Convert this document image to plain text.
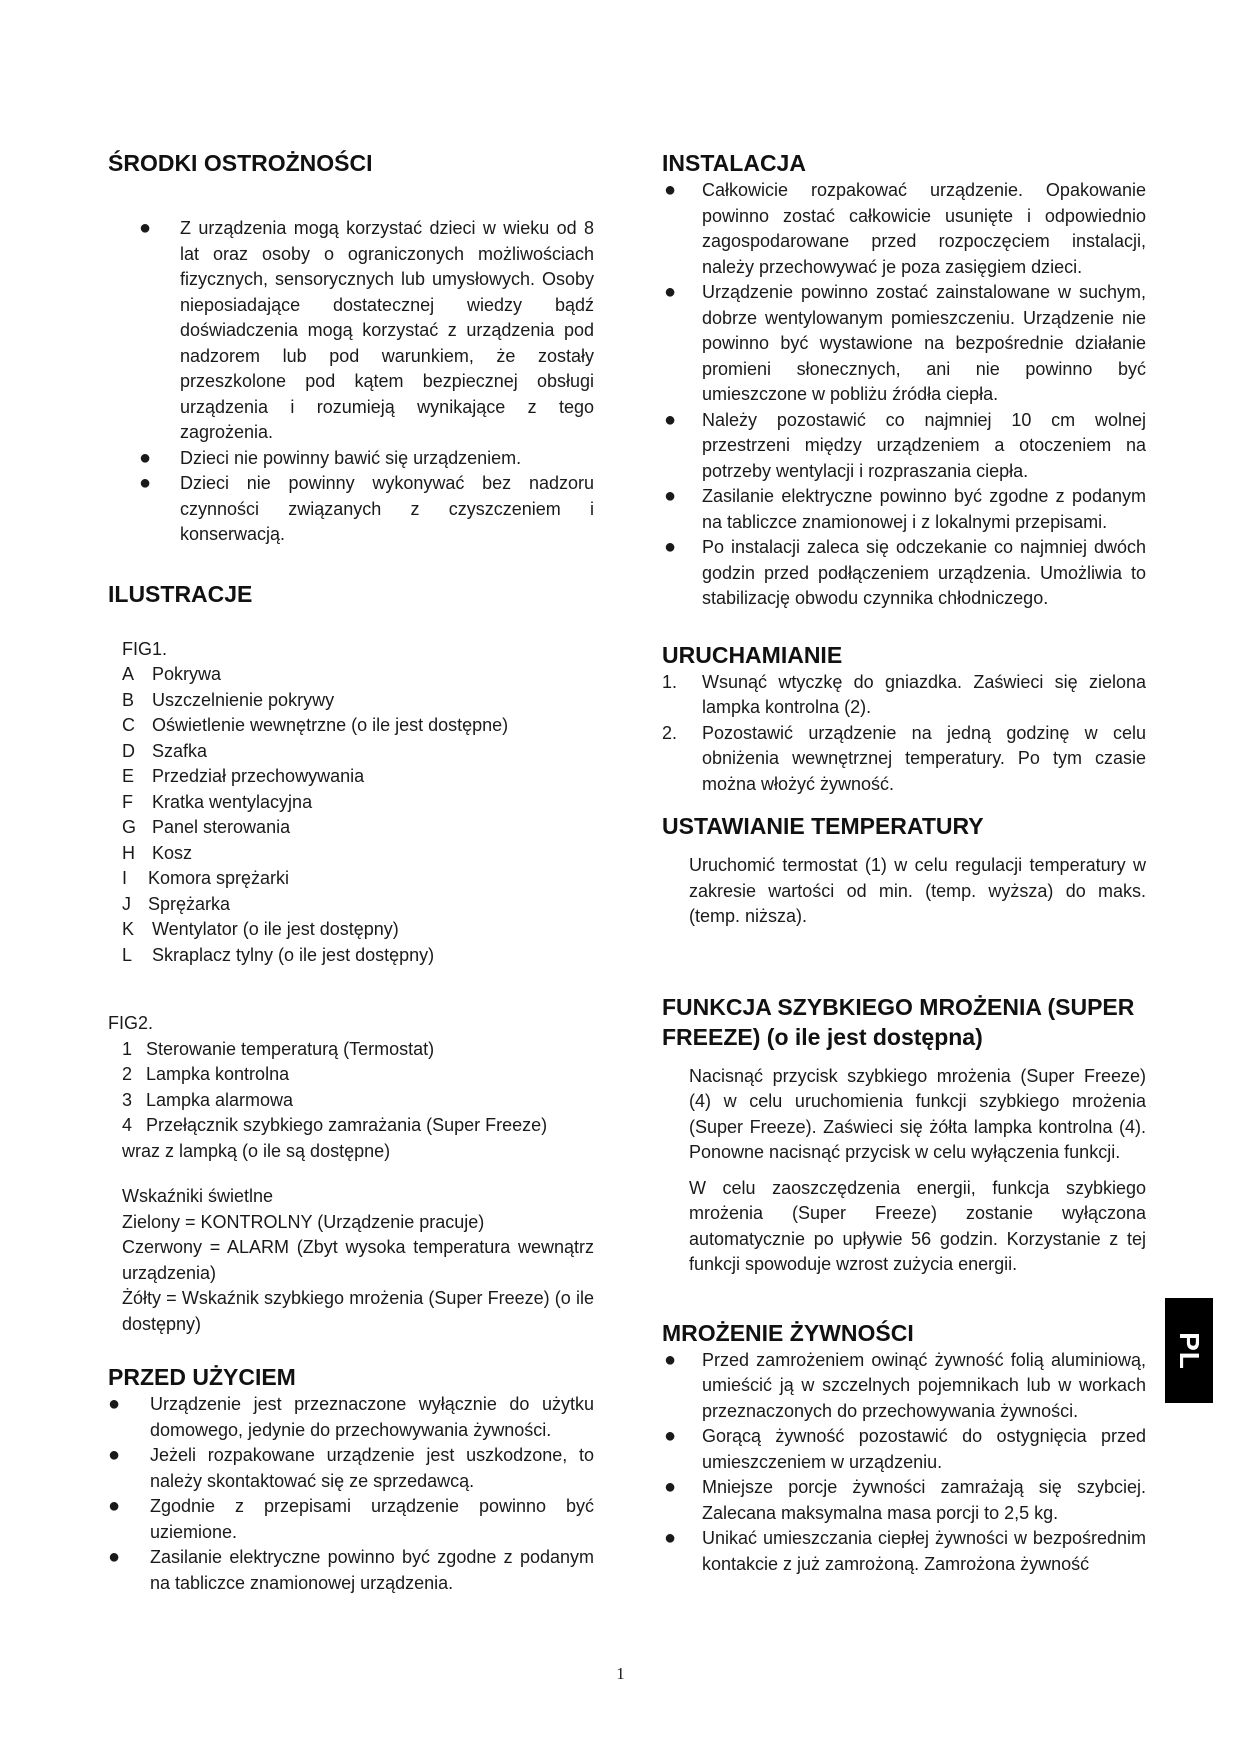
ŚRODKI OSTROŻNOŚCI
● Z urządzenia mogą korzystać dzieci w wieku od 8 lat oraz osoby o ograniczonych możliwościach fizycznych, sensorycznych lub umysłowych. Osoby nieposiadające dostatecznej wiedzy bądź doświadczenia mogą korzystać z urządzenia pod nadzorem lub pod warunkiem, że zostały przeszkolone pod kątem bezpiecznej obsługi urządzenia i rozumieją wynikające z tego zagrożenia.
● Dzieci nie powinny bawić się urządzeniem.
● Dzieci nie powinny wykonywać bez nadzoru czynności związanych z czyszczeniem i konserwacją.
ILUSTRACJE
FIG1.
A Pokrywa
B Uszczelnienie pokrywy
C Oświetlenie wewnętrzne (o ile jest dostępne)
D Szafka
E Przedział przechowywania
F Kratka wentylacyjna
G Panel sterowania
H Kosz
I Komora sprężarki
J Sprężarka
K Wentylator (o ile jest dostępny)
L Skraplacz tylny (o ile jest dostępny)
FIG2.
1 Sterowanie temperaturą (Termostat)
2 Lampka kontrolna
3 Lampka alarmowa
4 Przełącznik szybkiego zamrażania (Super Freeze)
wraz z lampką (o ile są dostępne)
Wskaźniki świetlne
Zielony = KONTROLNY (Urządzenie pracuje)
Czerwony = ALARM (Zbyt wysoka temperatura wewnątrz urządzenia)
Żółty = Wskaźnik szybkiego mrożenia (Super Freeze) (o ile dostępny)
PRZED UŻYCIEM
● Urządzenie jest przeznaczone wyłącznie do użytku domowego, jedynie do przechowywania żywności.
● Jeżeli rozpakowane urządzenie jest uszkodzone, to należy skontaktować się ze sprzedawcą.
● Zgodnie z przepisami urządzenie powinno być uziemione.
● Zasilanie elektryczne powinno być zgodne z podanym na tabliczce znamionowej urządzenia.
INSTALACJA
● Całkowicie rozpakować urządzenie. Opakowanie powinno zostać całkowicie usunięte i odpowiednio zagospodarowane przed rozpoczęciem instalacji, należy przechowywać je poza zasięgiem dzieci.
● Urządzenie powinno zostać zainstalowane w suchym, dobrze wentylowanym pomieszczeniu. Urządzenie nie powinno być wystawione na bezpośrednie działanie promieni słonecznych, ani nie powinno być umieszczone w pobliżu źródła ciepła.
● Należy pozostawić co najmniej 10 cm wolnej przestrzeni między urządzeniem a otoczeniem na potrzeby wentylacji i rozpraszania ciepła.
● Zasilanie elektryczne powinno być zgodne z podanym na tabliczce znamionowej i z lokalnymi przepisami.
● Po instalacji zaleca się odczekanie co najmniej dwóch godzin przed podłączeniem urządzenia. Umożliwia to stabilizację obwodu czynnika chłodniczego.
URUCHAMIANIE
1. Wsunąć wtyczkę do gniazdka. Zaświeci się zielona lampka kontrolna (2).
2. Pozostawić urządzenie na jedną godzinę w celu obniżenia wewnętrznej temperatury. Po tym czasie można włożyć żywność.
USTAWIANIE TEMPERATURY

Uruchomić termostat (1) w celu regulacji temperatury w zakresie wartości od min. (temp. wyższa) do maks. (temp. niższa).

FUNKCJA SZYBKIEGO MROŻENIA (SUPER FREEZE) (o ile jest dostępna)

Nacisnąć przycisk szybkiego mrożenia (Super Freeze) (4) w celu uruchomienia funkcji szybkiego mrożenia (Super Freeze). Zaświeci się żółta lampka kontrolna (4). Ponowne nacisnąć przycisk w celu wyłączenia funkcji.

W celu zaoszczędzenia energii, funkcja szybkiego mrożenia (Super Freeze) zostanie wyłączona automatycznie po upływie 56 godzin. Korzystanie z tej funkcji spowoduje wzrost zużycia energii.

MROŻENIE ŻYWNOŚCI
● Przed zamrożeniem owinąć żywność folią aluminiową, umieścić ją w szczelnych pojemnikach lub w workach przeznaczonych do przechowywania żywności.
● Gorącą żywność pozostawić do ostygnięcia przed umieszczeniem w urządzeniu.
● Mniejsze porcje żywności zamrażają się szybciej. Zalecana maksymalna masa porcji to 2,5 kg.
● Unikać umieszczania ciepłej żywności w bezpośrednim kontakcie z już zamrożoną. Zamrożona żywność
PL
1
